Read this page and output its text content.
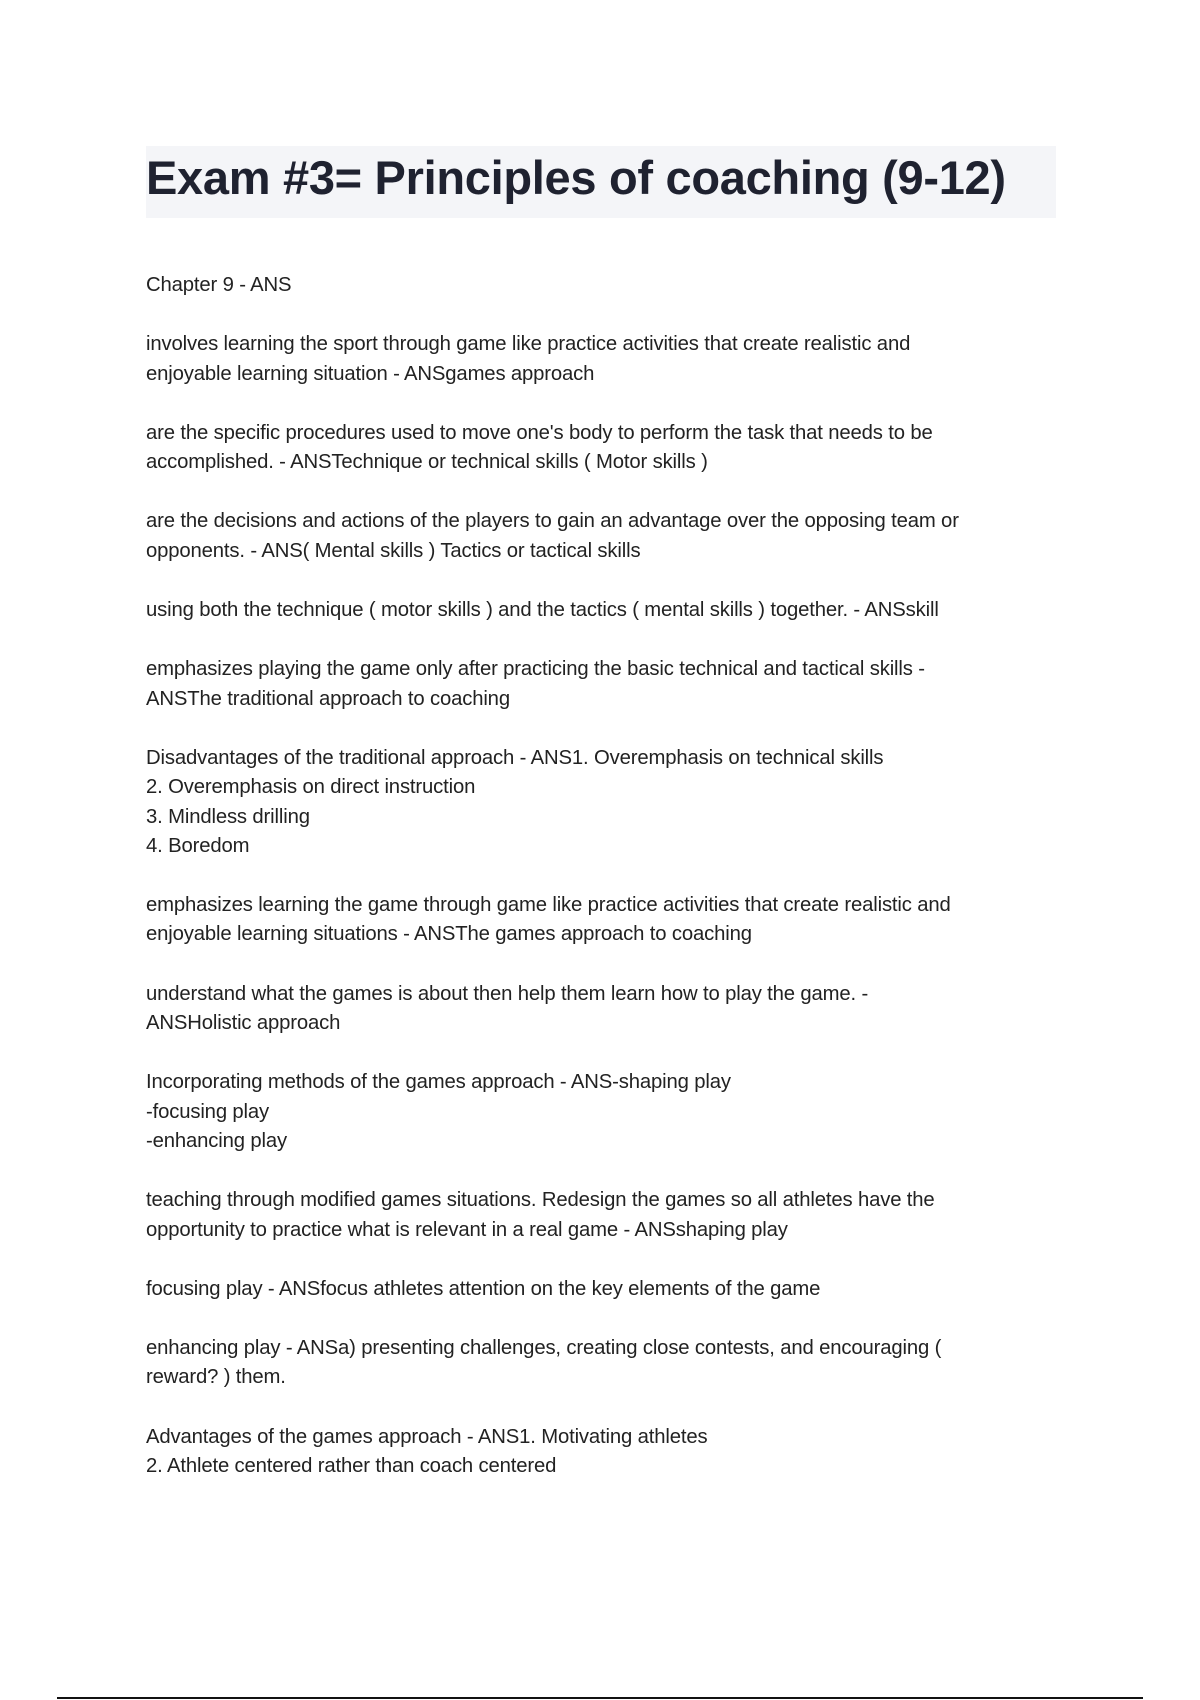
Exam #3= Principles of coaching (9-12)

Chapter 9 - ANS

involves learning the sport through game like practice activities that create realistic and
enjoyable learning situation - ANSgames approach

are the specific procedures used to move one's body to perform the task that needs to be
accomplished. - ANSTechnique or technical skills ( Motor skills )

are the decisions and actions of the players to gain an advantage over the opposing team or
opponents. - ANS( Mental skills ) Tactics or tactical skills

using both the technique ( motor skills ) and the tactics ( mental skills ) together. - ANSskill

emphasizes playing the game only after practicing the basic technical and tactical skills -
ANSThe traditional approach to coaching

Disadvantages of the traditional approach - ANS1. Overemphasis on technical skills
2. Overemphasis on direct instruction
3. Mindless drilling
4. Boredom

emphasizes learning the game through game like practice activities that create realistic and
enjoyable learning situations - ANSThe games approach to coaching

understand what the games is about then help them learn how to play the game. -
ANSHolistic approach

Incorporating methods of the games approach - ANS-shaping play
-focusing play
-enhancing play

teaching through modified games situations. Redesign the games so all athletes have the
opportunity to practice what is relevant in a real game - ANSshaping play

focusing play - ANSfocus athletes attention on the key elements of the game

enhancing play - ANSa) presenting challenges, creating close contests, and encouraging (
reward? ) them.

Advantages of the games approach - ANS1. Motivating athletes
2. Athlete centered rather than coach centered
